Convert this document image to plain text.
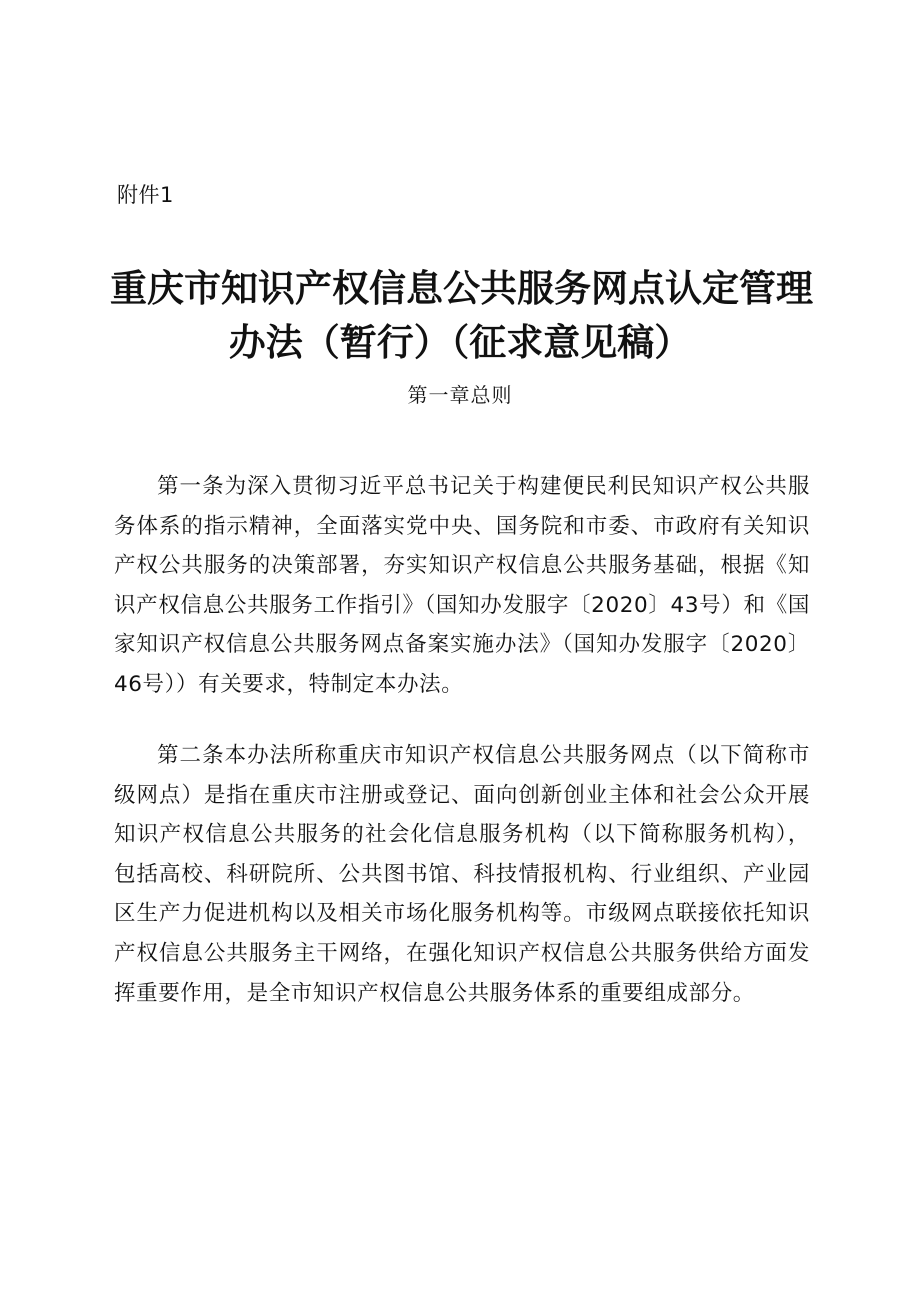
附件1
重庆市知识产权信息公共服务网点认定管理
办法（暂行）（征求意见稿）
第一章总则

第一条为深入贯彻习近平总书记关于构建便民利民知识产权公共服务体系的指示精神，全面落实党中央、国务院和市委、市政府有关知识产权公共服务的决策部署，夯实知识产权信息公共服务基础，根据《知识产权信息公共服务工作指引》（国知办发服字〔2020〕43号）和《国家知识产权信息公共服务网点备案实施办法》（国知办发服字〔2020〕46号））有关要求，特制定本办法。

第二条本办法所称重庆市知识产权信息公共服务网点（以下简称市级网点）是指在重庆市注册或登记、面向创新创业主体和社会公众开展知识产权信息公共服务的社会化信息服务机构（以下简称服务机构），包括高校、科研院所、公共图书馆、科技情报机构、行业组织、产业园区生产力促进机构以及相关市场化服务机构等。市级网点联接依托知识产权信息公共服务主干网络，在强化知识产权信息公共服务供给方面发挥重要作用，是全市知识产权信息公共服务体系的重要组成部分。
